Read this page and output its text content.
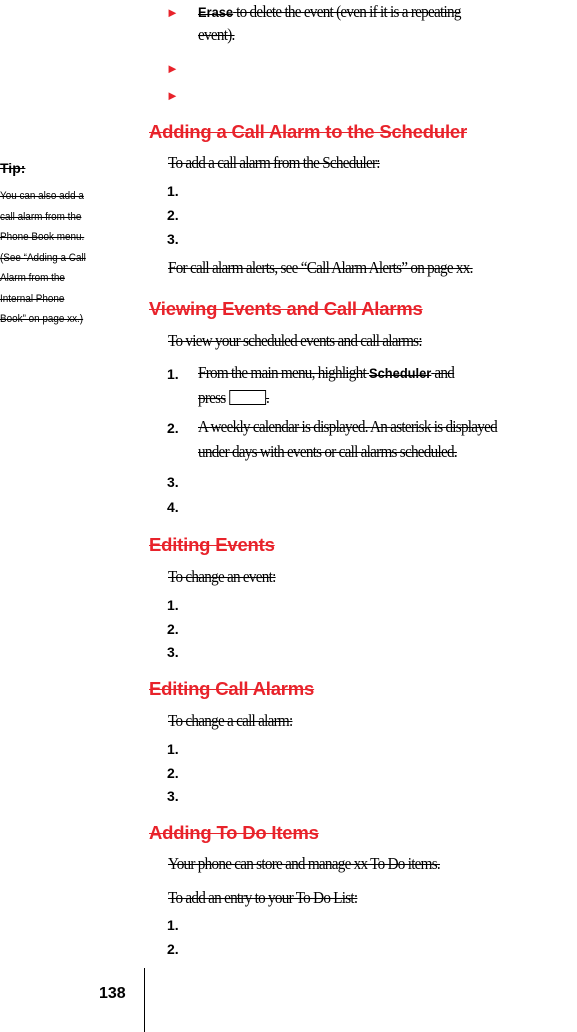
► Erase to delete the event (even if it is a repeating
event).
►
►
Adding a Call Alarm to the Scheduler
To add a call alarm from the Scheduler:
1.
2.
3.
For call alarm alerts, see “Call Alarm Alerts” on page xx.
Tip:
You can also add a
call alarm from the
Phone Book menu.
(See “Adding a Call
Alarm from the
Internal Phone
Book” on page xx.)	Viewing Events and Call Alarms
To view your scheduled events and call alarms:
1. From the main menu, highlight Scheduler and
press .
2. A weekly calendar is displayed. An asterisk is displayed
under days with events or call alarms scheduled.
3.
4.
Editing Events
To change an event:
1.
2.
3.
Editing Call Alarms
To change a call alarm:
1.
2.
3.
Adding To Do Items
Your phone can store and manage xx To Do items.
To add an entry to your To Do List:
1.
2.
138
